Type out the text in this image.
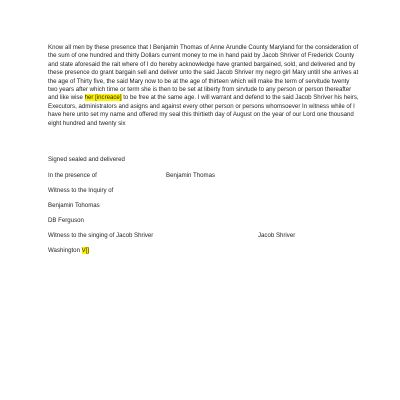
Know all men by these presence that I Benjamin Thomas of Anne Arundle County Maryland for the consideration of the sum of one hundred and thirty Dollars current money to me in hand paid by Jacob Shriver of Frederick County and state aforesaid the rait where of I do hereby acknowledge have granted bargained, sold, and delivered and by these presence do grant bargain sell and deliver unto the said Jacob Shriver my negro girl Mary untill she arrives at the age of Thirty five, the said Mary now to be at the age of thirteen which will make the term of servitude twenty two years after which time or term she is then to be set at liberty from sirvtude to any person or person thereafter and like wise her [increace] to be free at the same age. I will warrant and defend to the said Jacob Shriver his heirs, Executors, administrators and asigns and against every other person or persons whomsoever In witness while of I have here unto set my name and offered my seal this thirtieth day of August on the year of our Lord one thousand eight hundred and twenty six

Signed sealed and delivered
In the presence of	Benjamin Thomas
Witness to the Inquiry of
Benjamin Tohomas
DB Ferguson
Witness to the singing of Jacob Shriver	Jacob Shriver
Washington V[]
